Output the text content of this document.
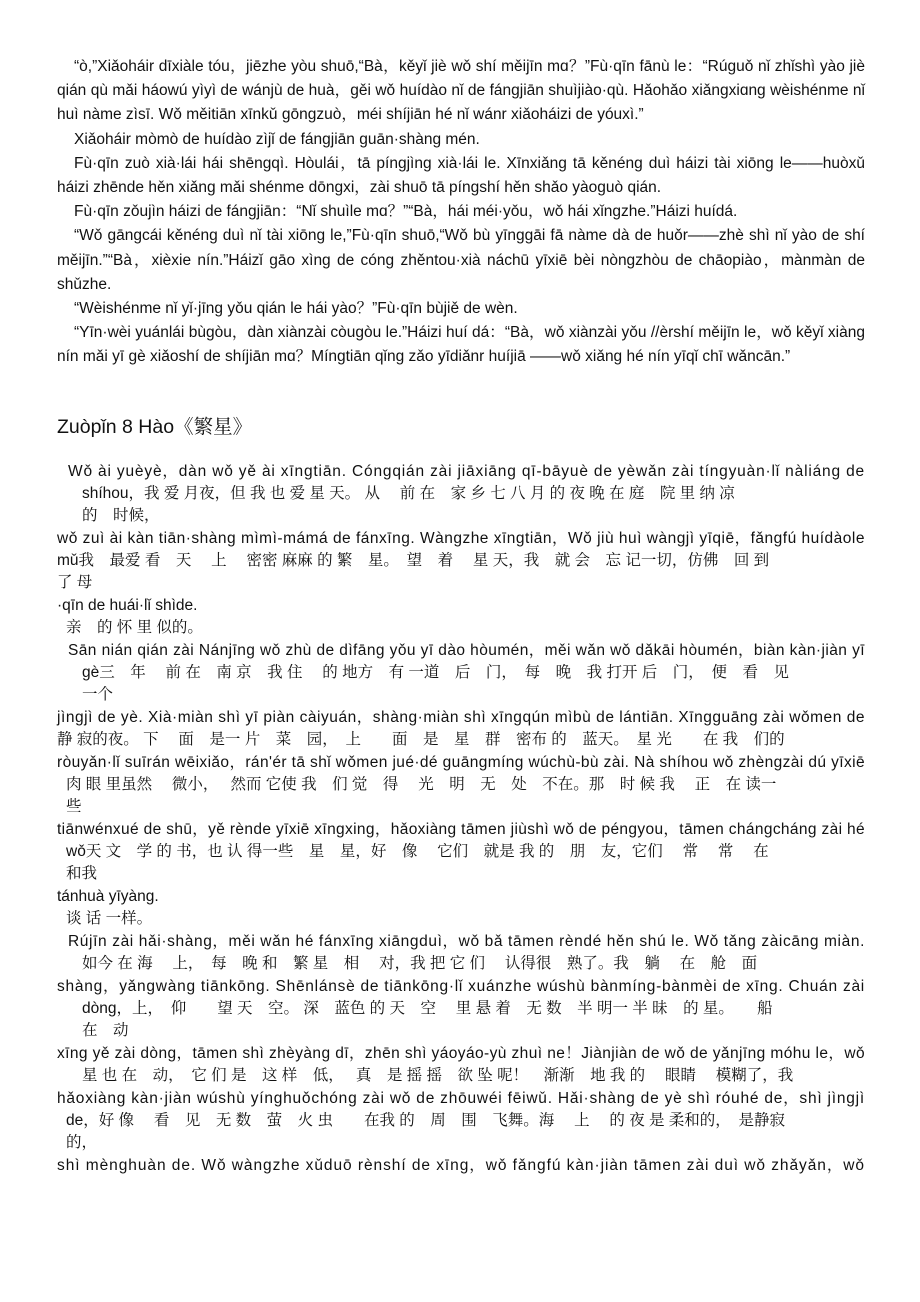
“ò,”Xiǎoháir dīxiàle tóu，jiēzhe yòu shuō,“Bà，kěyǐ jiè wǒ shí měijīn mɑ？”Fù·qīn fānù le：“Rúguǒ nǐ zhǐshì yào jiè qián qù mǎi háowú yìyì de wánjù de huà，gěi wǒ huídào nǐ de fángjiān shuìjiào·qù. Hǎohǎo xiǎngxiɑng wèishénme nǐ huì nàme zìsī. Wǒ měitiān xīnkǔ gōngzuò，méi shíjiān hé nǐ wánr xiǎoháizi de yóuxì.”

Xiǎoháir mòmò de huídào zìjǐ de fángjiān guān·shàng mén.

Fù·qīn zuò xià·lái hái shēngqì. Hòulái，tā píngjìng xià·lái le. Xīnxiǎng tā kěnéng duì háizi tài xiōng le——huòxǔ háizi zhēnde hěn xiǎng mǎi shénme dōngxi，zài shuō tā píngshí hěn shǎo yàoguò qián.

Fù·qīn zǒujìn háizi de fángjiān：“Nǐ shuìle mɑ？”“Bà，hái méi·yǒu，wǒ hái xǐngzhe.”Háizi huídá.

“Wǒ gāngcái kěnéng duì nǐ tài xiōng le,”Fù·qīn shuō,“Wǒ bù yīnggāi fā nàme dà de huǒr——zhè shì nǐ yào de shí měijīn.”“Bà，xièxie nín.”Háizǐ gāo xìng de cóng zhěntou·xià náchū yīxiē bèi nòngzhòu de chāopiào，mànmàn de shǔzhe.

“Wèishénme nǐ yǐ·jīng yǒu qián le hái yào？”Fù·qīn bùjiě de wèn.

“Yīn·wèi yuánlái bùgòu，dàn xiànzài còugòu le.”Háizi huí dá：“Bà，wǒ xiànzài yǒu //èrshí měijīn le，wǒ kěyǐ xiàng nín mǎi yī gè xiǎoshí de shíjiān mɑ？Míngtiān qǐng zǎo yīdiǎnr huíjiā ——wǒ xiǎng hé nín yīqǐ chī wǎncān.”

Zuòpǐn 8 Hào《繁星》

Wǒ ài yuèyè，dàn wǒ yě ài xīngtiān. Cóngqián zài jiāxiāng qī-bāyuè de yèwǎn zài tíngyuàn·lǐ nàliáng de

shíhou，我 爱 月夜，但 我 也 爱 星 天。 从　 前 在　家 乡 七 八 月 的 夜 晚 在 庭　院 里 纳 凉

的　时候，

wǒ zuì ài kàn tiān·shàng mìmì-mámá de fánxīng. Wàngzhe xīngtiān，Wǒ jiù huì wàngjì yīqiē，fǎngfú huídàole

mǔ我　最爱 看　天　 上　 密密 麻麻 的 繁　星。　望　着　 星 天，我　就 会　忘 记一切，仿佛　回 到

了 母

·qīn de huái·lǐ shìde.

亲　的 怀 里 似的。

Sān nián qián zài Nánjīng wǒ zhù de dìfāng yǒu yī dào hòumén，měi wǎn wǒ dǎkāi hòumén，biàn kàn·jiàn yī

gè三　年　 前 在　南 京　我 住　 的 地方　有 一道　后　门，　每　晚　我 打开 后　门，　便　看　见

一个

jìngjì de yè. Xià·miàn shì yī piàn càiyuán，shàng·miàn shì xīngqún mìbù de lántiān. Xīngguāng zài wǒmen de

静 寂的夜。 下　 面　是一 片　菜　园，　上　　面　是　星　群　密布 的　蓝天。　星 光　　在 我　们的

ròuyǎn·lǐ suīrán wēixiǎo，rán'ér tā shǐ wǒmen jué·dé guāngmíng wúchù-bù zài. Nà shíhou wǒ zhèngzài dú yīxiē

肉 眼 里虽然　 微小，　 然而 它使 我　们 觉　得　 光　明　无　处　不在。那　时 候 我　 正　在 读一

些

tiānwénxué de shū，yě rènde yīxiē xīngxing，hǎoxiàng tāmen jiùshì wǒ de péngyou，tāmen chángcháng zài hé

wǒ天 文　学 的 书，也 认 得一些　星　星，好　像　 它们　就是 我 的　朋　友，它们　 常　 常　 在

和我

tánhuà yīyàng.

谈 话 一样。

Rújīn zài hǎi·shàng，měi wǎn hé fánxīng xiāngduì，wǒ bǎ tāmen rèndé hěn shú le. Wǒ tǎng zàicāng miàn.

如今 在 海　 上，　每　晚 和　繁 星　相　 对，我 把 它 们　 认得很　熟了。我　躺　 在　舱　面

shàng，yǎngwàng tiānkōng. Shēnlánsè de tiānkōng·lǐ xuánzhe wúshù bànmíng-bànmèi de xīng. Chuán zài

dòng，上，　仰　　望 天　空。 深　蓝色 的 天　空　 里 悬 着　无 数　半 明一 半 昧　的 星。　　船

在　动

xīng yě zài dòng，tāmen shì zhèyàng dī，zhēn shì yáoyáo-yù zhuì ne！Jiànjiàn de wǒ de yǎnjīng móhu le，wǒ

星 也 在　动，　它 们 是　这 样　低，　 真　是 摇 摇　欲 坠 呢！　渐渐　地 我 的　 眼睛　 模糊了，我

hǎoxiàng kàn·jiàn wúshù yínghuǒchóng zài wǒ de zhōuwéi fēiwǔ. Hǎi·shàng de yè shì róuhé de，shì jìngjì

de，好 像　 看　见　无 数　萤　火 虫　　在我 的　周　围　飞舞。海　 上　 的 夜 是 柔和的，　是静寂

的，

shì mènghuàn de. Wǒ wàngzhe xǔduō rènshí de xīng，wǒ fǎngfú kàn·jiàn tāmen zài duì wǒ zhǎyǎn，wǒ
